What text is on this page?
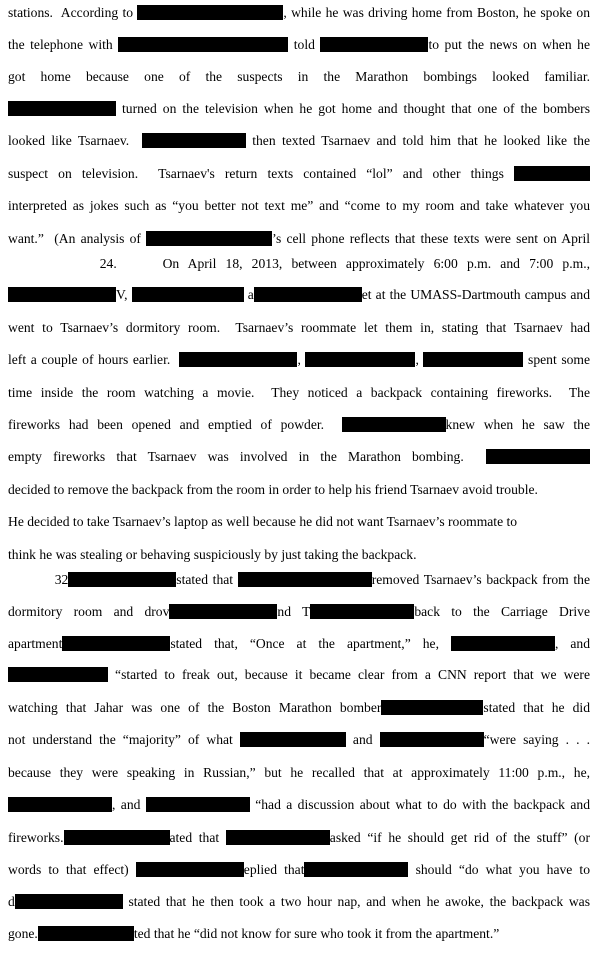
stations.  According to	, while he was driving home from Boston, he spoke on
the telephone with	told	to put the news on when he
got home because one of the suspects in the Marathon bombings looked familiar.
turned on the television when he got home and thought that one of the bombers
looked like Tsarnaev.	then texted Tsarnaev and told him that he looked like the
suspect on television.  Tsarnaev's return texts contained “lol” and other things
interpreted as jokes such as “you better not text me” and “come to my room and take whatever you
want.”  (An analysis of	’s cell phone reflects that these texts were sent on April
24.     On April 18, 2013, between approximately 6:00 p.m. and 7:00 p.m.,
V,	a	et at the UMASS-Dartmouth campus and
went to Tsarnaev’s dormitory room.  Tsarnaev’s roommate let them in, stating that Tsarnaev had
left a couple of hours earlier.	,	,	spent some
time inside the room watching a movie.  They noticed a backpack containing fireworks.  The
fireworks had been opened and emptied of powder.	knew when he saw the
empty fireworks that Tsarnaev was involved in the Marathon bombing.
decided to remove the backpack from the room in order to help his friend Tsarnaev avoid trouble.
He decided to take Tsarnaev’s laptop as well because he did not want Tsarnaev’s roommate to
think he was stealing or behaving suspiciously by just taking the backpack.
32	stated that	removed Tsarnaev’s backpack from the
dormitory room and drov	nd T	back to the Carriage Drive
apartment	stated that, “Once at the apartment,” he,	, and
“started to freak out, because it became clear from a CNN report that we were
watching that Jahar was one of the Boston Marathon bomber	stated that he did
not understand the “majority” of what	and	“were saying . . .
because they were speaking in Russian,” but he recalled that at approximately 11:00 p.m., he,
, and	“had a discussion about what to do with the backpack and
fireworks.	ated that	asked “if he should get rid of the stuff” (or
words to that effect)	eplied that	should “do what you have to
d	stated that he then took a two hour nap, and when he awoke, the backpack was
gone.	ted that he “did not know for sure who took it from the apartment.”
